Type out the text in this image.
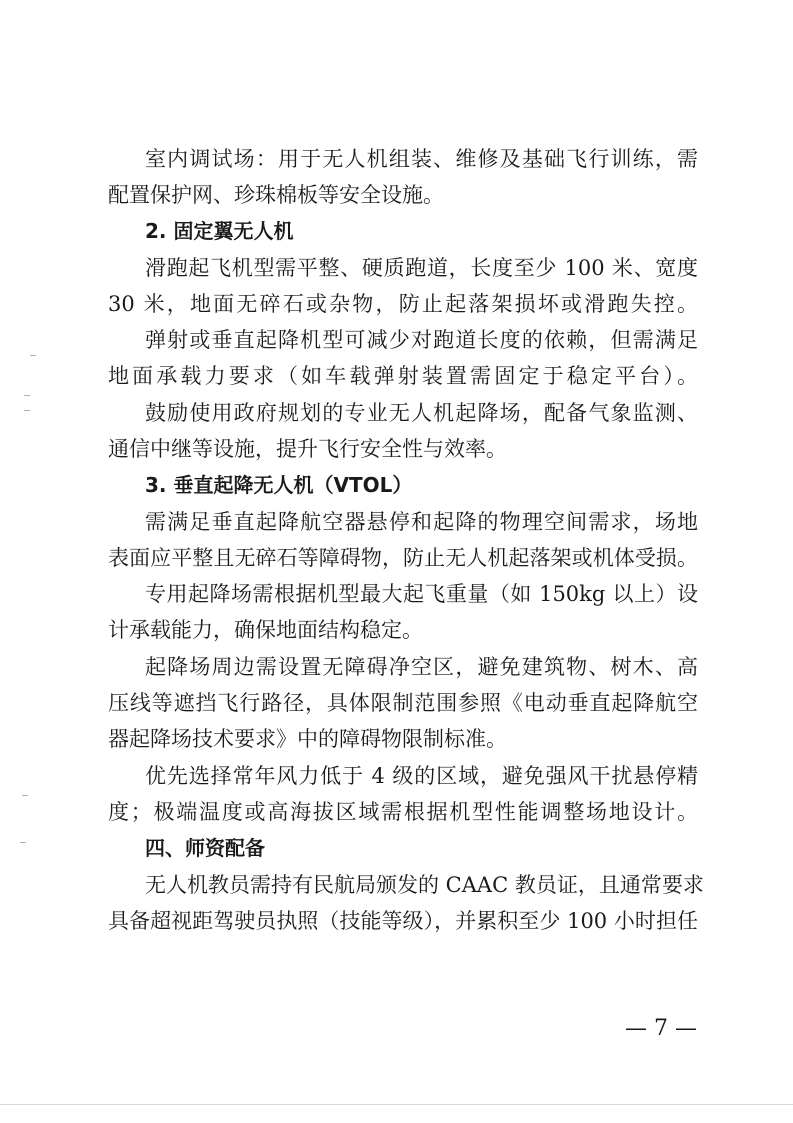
室内调试场：用于无人机组装、维修及基础飞行训练，需
配置保护网、珍珠棉板等安全设施。
2. 固定翼无人机
滑跑起飞机型需平整、硬质跑道，长度至少 100 米、宽度
30 米，地面无碎石或杂物，防止起落架损坏或滑跑失控。
弹射或垂直起降机型可减少对跑道长度的依赖，但需满足
地面承载力要求（如车载弹射装置需固定于稳定平台）。
鼓励使用政府规划的专业无人机起降场，配备气象监测、
通信中继等设施，提升飞行安全性与效率。
3. 垂直起降无人机（VTOL）
需满足垂直起降航空器悬停和起降的物理空间需求，场地
表面应平整且无碎石等障碍物，防止无人机起落架或机体受损。
专用起降场需根据机型最大起飞重量（如 150kg 以上）设
计承载能力，确保地面结构稳定。
起降场周边需设置无障碍净空区，避免建筑物、树木、高
压线等遮挡飞行路径，具体限制范围参照《电动垂直起降航空
器起降场技术要求》中的障碍物限制标准。
优先选择常年风力低于 4 级的区域，避免强风干扰悬停精
度；极端温度或高海拔区域需根据机型性能调整场地设计。
四、师资配备
无人机教员需持有民航局颁发的 CAAC 教员证，且通常要求
具备超视距驾驶员执照（技能等级），并累积至少 100 小时担任
— 7 —
